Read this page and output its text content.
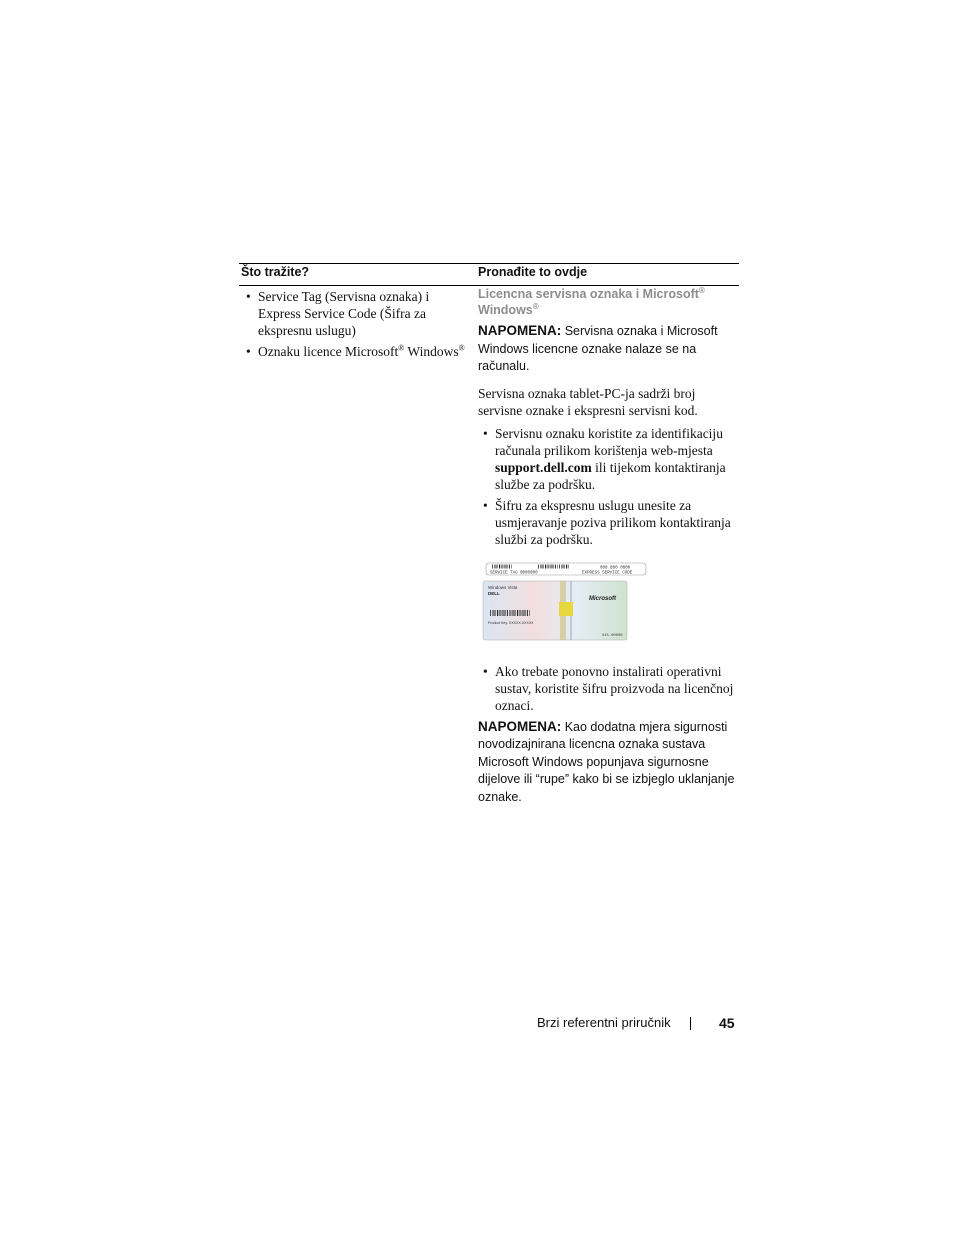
Što tražite?	Pronađite to ovdje
• Service Tag (Servisna oznaka) i Express Service Code (Šifra za ekspresnu uslugu)
• Oznaku licence Microsoft® Windows®
Licencna servisna oznaka i Microsoft®
Windows®
NAPOMENA: Servisna oznaka i Microsoft Windows licencne oznake nalaze se na računalu.
Servisna oznaka tablet-PC-ja sadrži broj servisne oznake i ekspresni servisni kod.
• Servisnu oznaku koristite za identifikaciju računala prilikom korištenja web-mjesta support.dell.com ili tijekom kontaktiranja službe za podršku.
• Šifru za ekspresnu uslugu unesite za usmjeravanje poziva prilikom kontaktiranja službi za podršku.
SERVICE TAG 0000000
000 000 0000
EXPRESS SERVICE CODE
Windows Vista
DELL
Microsoft
Product Key: XXXXX-XXXXX
X15-00000
• Ako trebate ponovno instalirati operativni sustav, koristite šifru proizvoda na licenčnoj oznaci.
NAPOMENA: Kao dodatna mjera sigurnosti novodizajnirana licencna oznaka sustava Microsoft Windows popunjava sigurnosne dijelove ili “rupe” kako bi se izbjeglo uklanjanje oznake.
Brzi referentni priručnik	45
